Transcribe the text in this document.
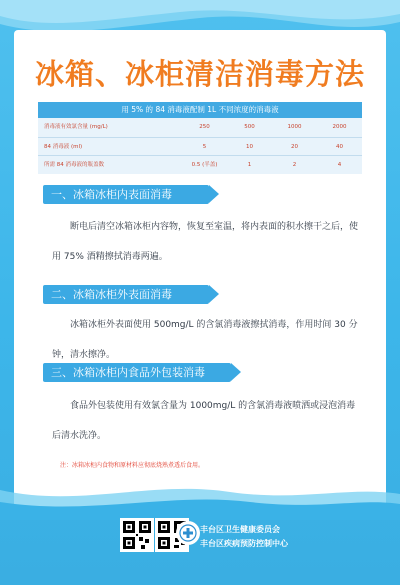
冰箱、冰柜清洁消毒方法
用 5% 的 84 消毒液配制 1L 不同浓度的消毒液
消毒液有效氯含量 (mg/L)	250	500	1000	2000
84 消毒液 (ml)	5	10	20	40
所需 84 消毒液的瓶盖数	0.5 (半盖)	1	2	4
一、冰箱冰柜内表面消毒
断电后清空冰箱冰柜内容物，恢复至室温，将内表面的积水擦干之后，使用 75% 酒精擦拭消毒两遍。
二、冰箱冰柜外表面消毒
冰箱冰柜外表面使用 500mg/L 的含氯消毒液擦拭消毒，作用时间 30 分钟，清水擦净。
三、冰箱冰柜内食品外包装消毒
食品外包装使用有效氯含量为 1000mg/L 的含氯消毒液喷洒或浸泡消毒后清水洗净。
注：冰箱冰柜内食物和原材料应彻底烧熟煮透后食用。
丰台区卫生健康委员会
丰台区疾病预防控制中心
